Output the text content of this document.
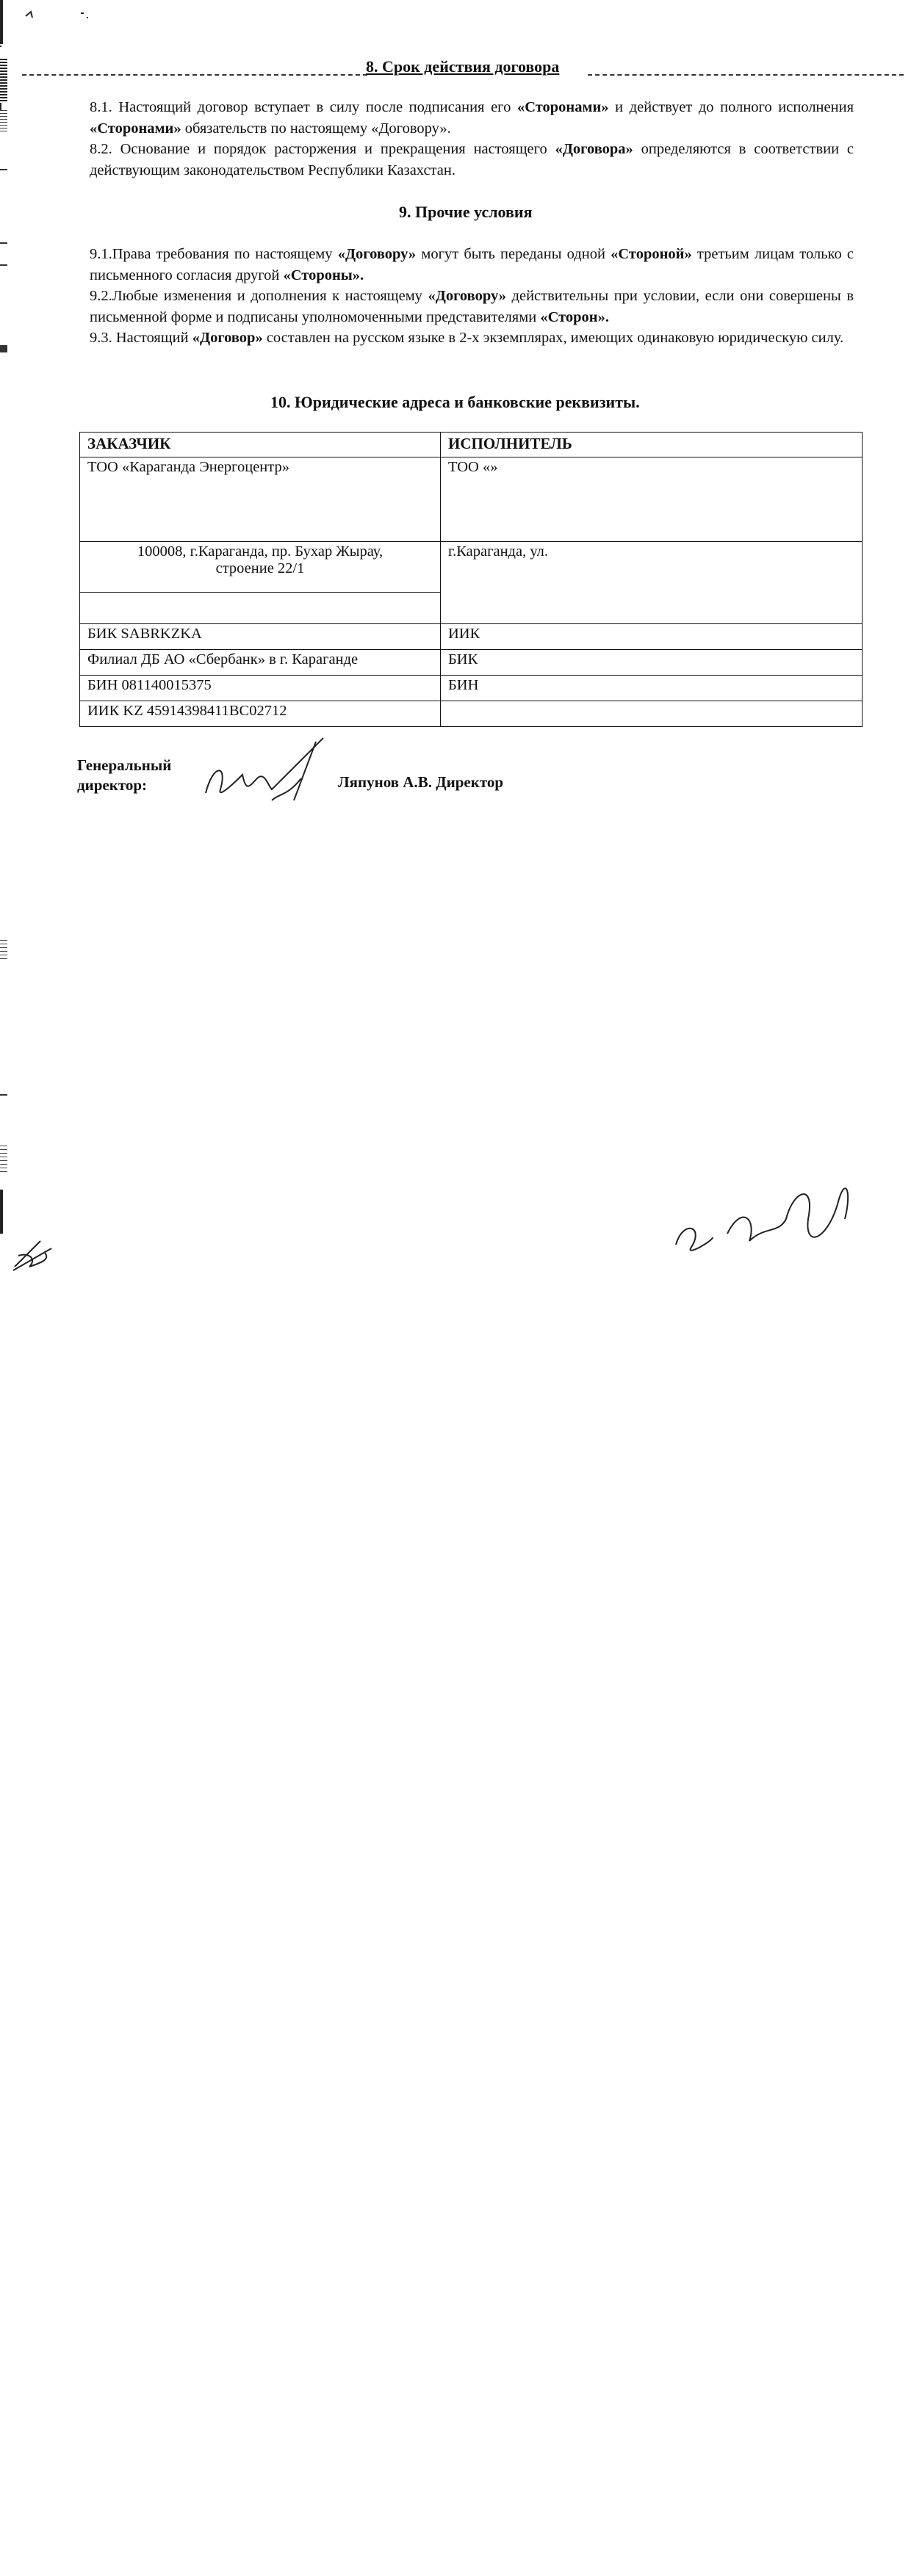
8. Срок действия договора

8.1. Настоящий договор вступает в силу после подписания его «Сторонами» и действует до полного исполнения «Сторонами» обязательств по настоящему «Договору».

8.2. Основание и порядок расторжения и прекращения настоящего «Договора» определяются в соответствии с действующим законодательством Республики Казахстан.

9. Прочие условия

9.1.Права требования по настоящему «Договору» могут быть переданы одной «Стороной» третьим лицам только с письменного согласия другой «Стороны».

9.2.Любые изменения и дополнения к настоящему «Договору» действительны при условии, если они совершены в письменной форме и подписаны уполномоченными представителями «Сторон».

9.3. Настоящий «Договор» составлен на русском языке в 2-х экземплярах, имеющих одинаковую юридическую силу.

10. Юридические адреса и банковские реквизиты.
ЗАКАЗЧИК	ИСПОЛНИТЕЛЬ
ТОО «Караганда Энергоцентр»	ТОО «»

100008, г.Караганда, пр. Бухар Жырау,
строение 22/1	г.Караганда, ул.

БИК SABRKZKA	ИИК
Филиал ДБ АО «Сбербанк» в г. Караганде	БИК
БИН 081140015375	БИН
ИИК KZ 45914398411BC02712	
Генеральный
директор:	Ляпунов А.В. Директор
